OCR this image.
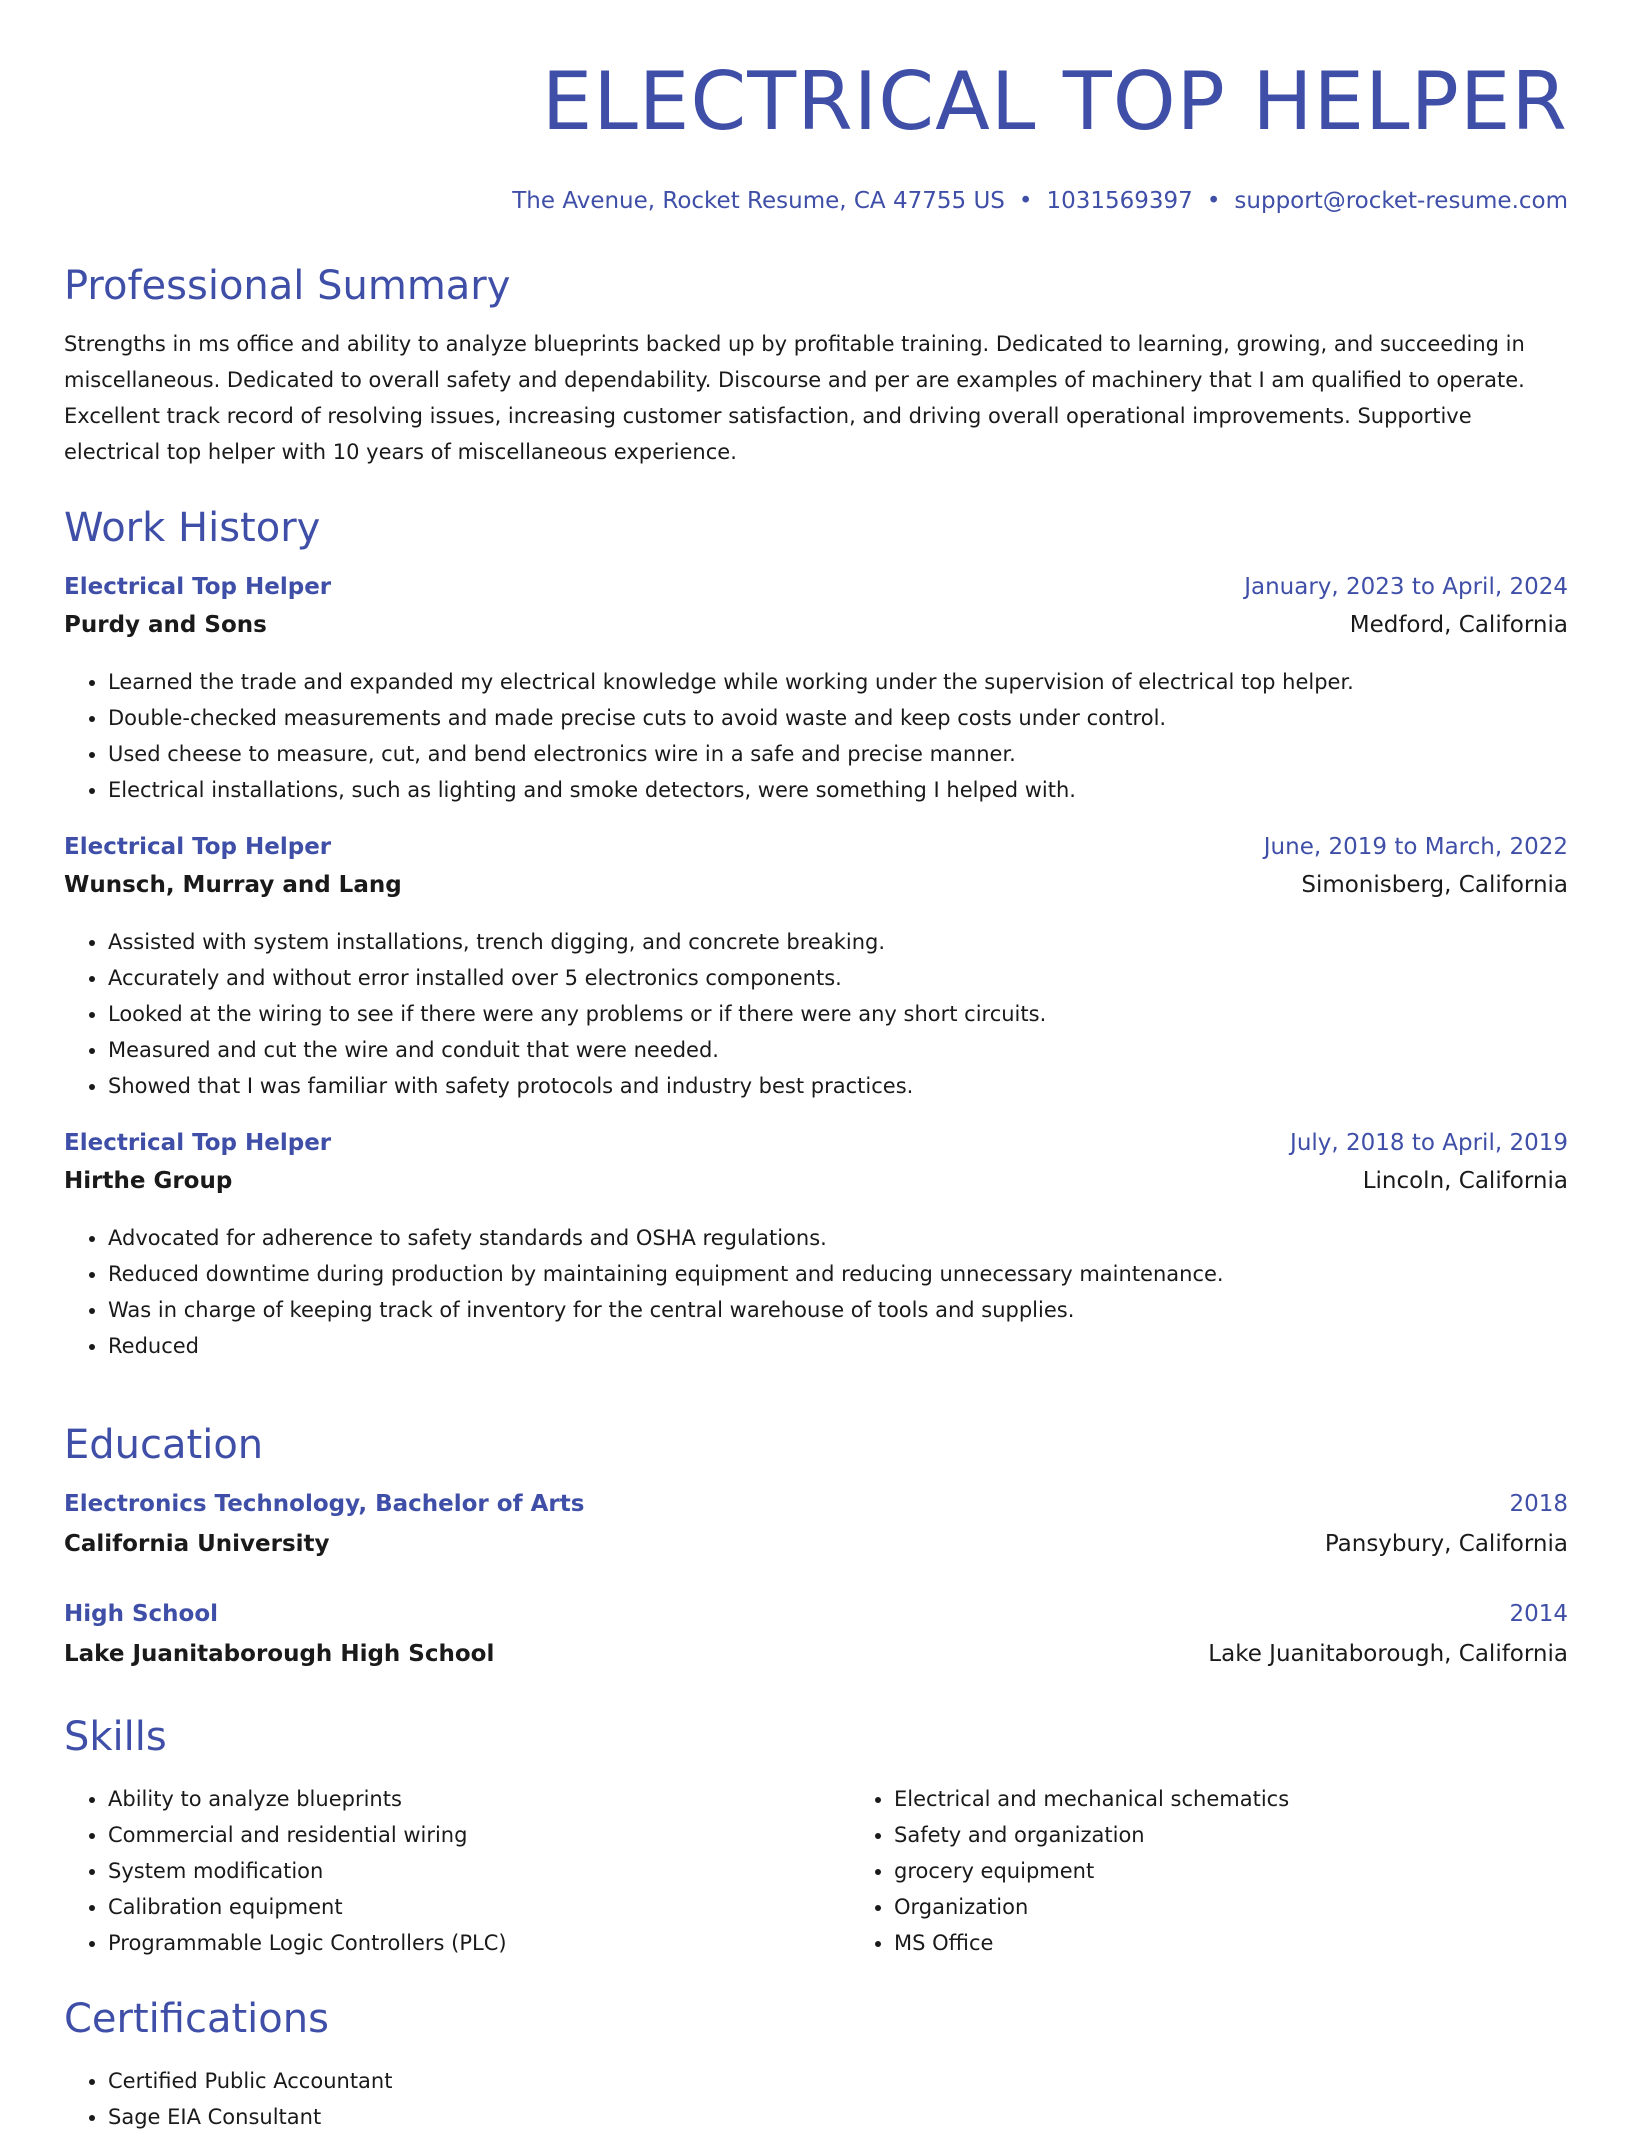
ELECTRICAL TOP HELPER
The Avenue, Rocket Resume, CA 47755 US • 1031569397 • support@rocket-resume.com
Professional Summary

Strengths in ms office and ability to analyze blueprints backed up by profitable training. Dedicated to learning, growing, and succeeding in miscellaneous. Dedicated to overall safety and dependability. Discourse and per are examples of machinery that I am qualified to operate. Excellent track record of resolving issues, increasing customer satisfaction, and driving overall operational improvements. Supportive electrical top helper with 10 years of miscellaneous experience.

Work History
Electrical Top Helper	January, 2023 to April, 2024
Purdy and Sons	Medford, California
• Learned the trade and expanded my electrical knowledge while working under the supervision of electrical top helper.
• Double-checked measurements and made precise cuts to avoid waste and keep costs under control.
• Used cheese to measure, cut, and bend electronics wire in a safe and precise manner.
• Electrical installations, such as lighting and smoke detectors, were something I helped with.
Electrical Top Helper	June, 2019 to March, 2022
Wunsch, Murray and Lang	Simonisberg, California
• Assisted with system installations, trench digging, and concrete breaking.
• Accurately and without error installed over 5 electronics components.
• Looked at the wiring to see if there were any problems or if there were any short circuits.
• Measured and cut the wire and conduit that were needed.
• Showed that I was familiar with safety protocols and industry best practices.
Electrical Top Helper	July, 2018 to April, 2019
Hirthe Group	Lincoln, California
• Advocated for adherence to safety standards and OSHA regulations.
• Reduced downtime during production by maintaining equipment and reducing unnecessary maintenance.
• Was in charge of keeping track of inventory for the central warehouse of tools and supplies.
• Reduced
Education
Electronics Technology, Bachelor of Arts	2018
California University	Pansybury, California
High School	2014
Lake Juanitaborough High School	Lake Juanitaborough, California
Skills
• Ability to analyze blueprints
• Commercial and residential wiring
• System modification
• Calibration equipment
• Programmable Logic Controllers (PLC)
• Electrical and mechanical schematics
• Safety and organization
• grocery equipment
• Organization
• MS Office
Certifications
• Certified Public Accountant
• Sage EIA Consultant
